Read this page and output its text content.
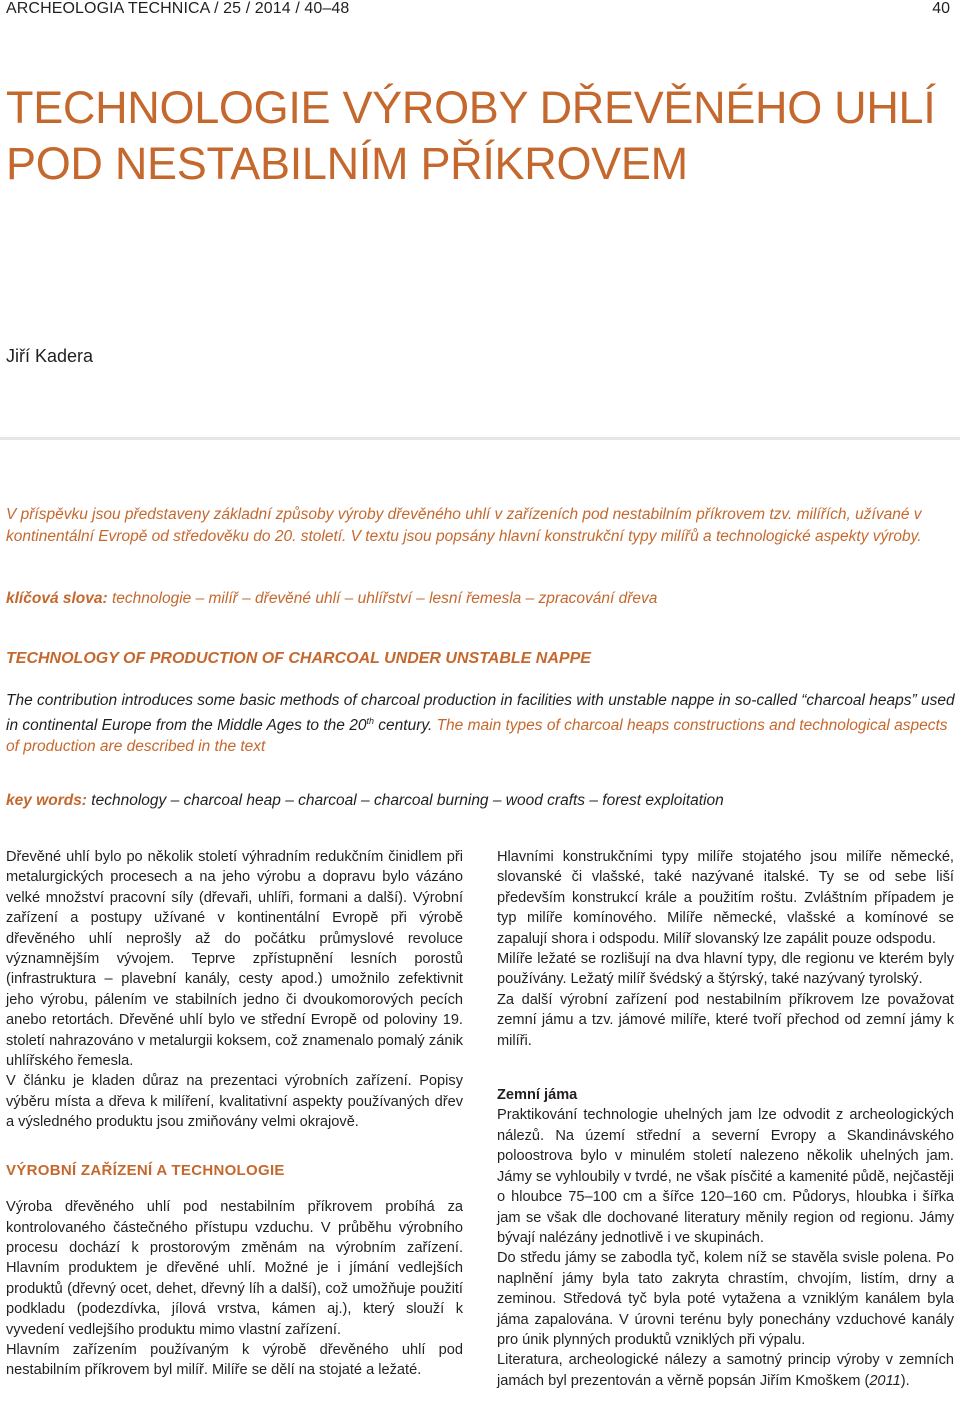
ARCHEOLOGIA TECHNICA / 25 / 2014 / 40–48	40
TECHNOLOGIE VÝROBY DŘEVĚNÉHO UHLÍ
POD NESTABILNÍM PŘÍKROVEM
Jiří Kadera

V příspěvku jsou představeny základní způsoby výroby dřevěného uhlí v zařízeních pod nestabilním příkrovem tzv. milířích, užívané v kontinentální Evropě od středověku do 20. století. V textu jsou popsány hlavní konstrukční typy milířů a technologické aspekty výroby.

klíčová slova: technologie – milíř – dřevěné uhlí – uhlířství – lesní řemesla – zpracování dřeva
TECHNOLOGY OF PRODUCTION OF CHARCOAL UNDER UNSTABLE NAPPE

The contribution introduces some basic methods of charcoal production in facilities with unstable nappe in so-called “charcoal heaps” used in continental Europe from the Middle Ages to the 20th century. The main types of charcoal heaps constructions and technological aspects of production are described in the text

key words: technology – charcoal heap – charcoal – charcoal burning – wood crafts – forest exploitation

Dřevěné uhlí bylo po několik století výhradním redukčním činidlem při metalurgických procesech a na jeho výrobu a dopravu bylo vázáno velké množství pracovní síly (dřevaři, uhlíři, formani a další). Výrobní zařízení a postupy užívané v kontinentální Evropě při výrobě dřevěného uhlí neprošly až do počátku průmyslové revoluce významnějším vývojem. Teprve zpřístupnění lesních porostů (infrastruktura – plavební kanály, cesty apod.) umožnilo zefektivnit jeho výrobu, pálením ve stabilních jedno či dvoukomorových pecích anebo retortách. Dřevěné uhlí bylo ve střední Evropě od poloviny 19. století nahrazováno v metalurgii koksem, což znamenalo pomalý zánik uhlířského řemesla.

V článku je kladen důraz na prezentaci výrobních zařízení. Popisy výběru místa a dřeva k milíření, kvalitativní aspekty používaných dřev a výsledného produktu jsou zmiňovány velmi okrajově.

VÝROBNÍ ZAŘÍZENÍ A TECHNOLOGIE

Výroba dřevěného uhlí pod nestabilním příkrovem probíhá za kontrolovaného částečného přístupu vzduchu. V průběhu výrobního procesu dochází k prostorovým změnám na výrobním zařízení. Hlavním produktem je dřevěné uhlí. Možné je i jímání vedlejších produktů (dřevný ocet, dehet, dřevný líh a další), což umožňuje použití podkladu (podezdívka, jílová vrstva, kámen aj.), který slouží k vyvedení vedlejšího produktu mimo vlastní zařízení.

Hlavním zařízením používaným k výrobě dřevěného uhlí pod nestabilním příkrovem byl milíř. Milíře se dělí na stojaté a ležaté.

Hlavními konstrukčními typy milíře stojatého jsou milíře německé, slovanské či vlašské, také nazývané italské. Ty se od sebe liší především konstrukcí krále a použitím roštu. Zvláštním případem je typ milíře komínového. Milíře německé, vlašské a komínové se zapalují shora i odspodu. Milíř slovanský lze zapálit pouze odspodu.

Milíře ležaté se rozlišují na dva hlavní typy, dle regionu ve kterém byly používány. Ležatý milíř švédský a štýrský, také nazývaný tyrolský.

Za další výrobní zařízení pod nestabilním příkrovem lze považovat zemní jámu a tzv. jámové milíře, které tvoří přechod od zemní jámy k milíři.

Zemní jáma

Praktikování technologie uhelných jam lze odvodit z archeologických nálezů. Na území střední a severní Evropy a Skandinávského poloostrova bylo v minulém století nalezeno několik uhelných jam. Jámy se vyhloubily v tvrdé, ne však písčité a kamenité půdě, nejčastěji o hloubce 75–100 cm a šířce 120–160 cm. Půdorys, hloubka i šířka jam se však dle dochované literatury měnily region od regionu. Jámy bývají nalézány jednotlivě i ve skupinách.

Do středu jámy se zabodla tyč, kolem níž se stavěla svisle polena. Po naplnění jámy byla tato zakryta chrastím, chvojím, listím, drny a zeminou. Středová tyč byla poté vytažena a vzniklým kanálem byla jáma zapalována. V úrovni terénu byly ponechány vzduchové kanály pro únik plynných produktů vzniklých při výpalu.

Literatura, archeologické nálezy a samotný princip výroby v zemních jamách byl prezentován a věrně popsán Jiřím Kmoškem (2011).
